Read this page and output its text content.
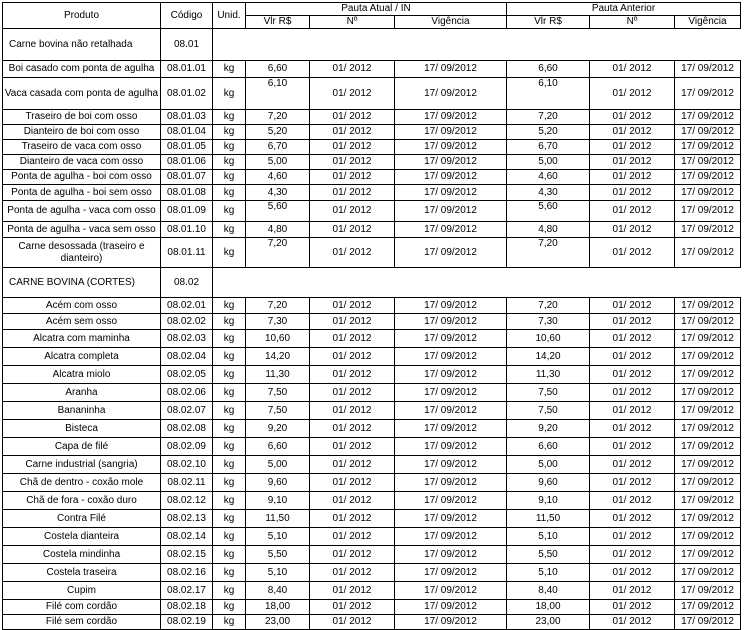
Produto	Código	Unid.	Pauta Atual / IN			Pauta Anterior		
			Vlr R$	Nº	Vigência	Vlr R$	Nº	Vigência
Carne bovina não retalhada	08.01							
Boi casado com ponta de agulha	08.01.01	kg	6,60	01/ 2012	17/ 09/2012	6,60	01/ 2012	17/ 09/2012
Vaca casada com ponta de agulha	08.01.02	kg	6,10	01/ 2012	17/ 09/2012	6,10	01/ 2012	17/ 09/2012
Traseiro de boi com osso	08.01.03	kg	7,20	01/ 2012	17/ 09/2012	7,20	01/ 2012	17/ 09/2012
Dianteiro de boi com osso	08.01.04	kg	5,20	01/ 2012	17/ 09/2012	5,20	01/ 2012	17/ 09/2012
Traseiro de vaca com osso	08.01.05	kg	6,70	01/ 2012	17/ 09/2012	6,70	01/ 2012	17/ 09/2012
Dianteiro de vaca com osso	08.01.06	kg	5,00	01/ 2012	17/ 09/2012	5,00	01/ 2012	17/ 09/2012
Ponta de agulha - boi com osso	08.01.07	kg	4,60	01/ 2012	17/ 09/2012	4,60	01/ 2012	17/ 09/2012
Ponta de agulha - boi sem osso	08.01.08	kg	4,30	01/ 2012	17/ 09/2012	4,30	01/ 2012	17/ 09/2012
Ponta de agulha - vaca com osso	08.01.09	kg	5,60	01/ 2012	17/ 09/2012	5,60	01/ 2012	17/ 09/2012
Ponta de agulha - vaca sem osso	08.01.10	kg	4,80	01/ 2012	17/ 09/2012	4,80	01/ 2012	17/ 09/2012
Carne desossada (traseiro e dianteiro)	08.01.11	kg	7,20	01/ 2012	17/ 09/2012	7,20	01/ 2012	17/ 09/2012
CARNE BOVINA (CORTES)	08.02							
Acém com osso	08.02.01	kg	7,20	01/ 2012	17/ 09/2012	7,20	01/ 2012	17/ 09/2012
Acém sem osso	08.02.02	kg	7,30	01/ 2012	17/ 09/2012	7,30	01/ 2012	17/ 09/2012
Alcatra com maminha	08.02.03	kg	10,60	01/ 2012	17/ 09/2012	10,60	01/ 2012	17/ 09/2012
Alcatra completa	08.02.04	kg	14,20	01/ 2012	17/ 09/2012	14,20	01/ 2012	17/ 09/2012
Alcatra miolo	08.02.05	kg	11,30	01/ 2012	17/ 09/2012	11,30	01/ 2012	17/ 09/2012
Aranha	08.02.06	kg	7,50	01/ 2012	17/ 09/2012	7,50	01/ 2012	17/ 09/2012
Bananinha	08.02.07	kg	7,50	01/ 2012	17/ 09/2012	7,50	01/ 2012	17/ 09/2012
Bisteca	08.02.08	kg	9,20	01/ 2012	17/ 09/2012	9,20	01/ 2012	17/ 09/2012
Capa de filé	08.02.09	kg	6,60	01/ 2012	17/ 09/2012	6,60	01/ 2012	17/ 09/2012
Carne industrial (sangria)	08.02.10	kg	5,00	01/ 2012	17/ 09/2012	5,00	01/ 2012	17/ 09/2012
Chã de dentro - coxão mole	08.02.11	kg	9,60	01/ 2012	17/ 09/2012	9,60	01/ 2012	17/ 09/2012
Chã de fora - coxão duro	08.02.12	kg	9,10	01/ 2012	17/ 09/2012	9,10	01/ 2012	17/ 09/2012
Contra Filé	08.02.13	kg	11,50	01/ 2012	17/ 09/2012	11,50	01/ 2012	17/ 09/2012
Costela dianteira	08.02.14	kg	5,10	01/ 2012	17/ 09/2012	5,10	01/ 2012	17/ 09/2012
Costela mindinha	08.02.15	kg	5,50	01/ 2012	17/ 09/2012	5,50	01/ 2012	17/ 09/2012
Costela traseira	08.02.16	kg	5,10	01/ 2012	17/ 09/2012	5,10	01/ 2012	17/ 09/2012
Cupim	08.02.17	kg	8,40	01/ 2012	17/ 09/2012	8,40	01/ 2012	17/ 09/2012
Filé com cordão	08.02.18	kg	18,00	01/ 2012	17/ 09/2012	18,00	01/ 2012	17/ 09/2012
Filé sem cordão	08.02.19	kg	23,00	01/ 2012	17/ 09/2012	23,00	01/ 2012	17/ 09/2012
